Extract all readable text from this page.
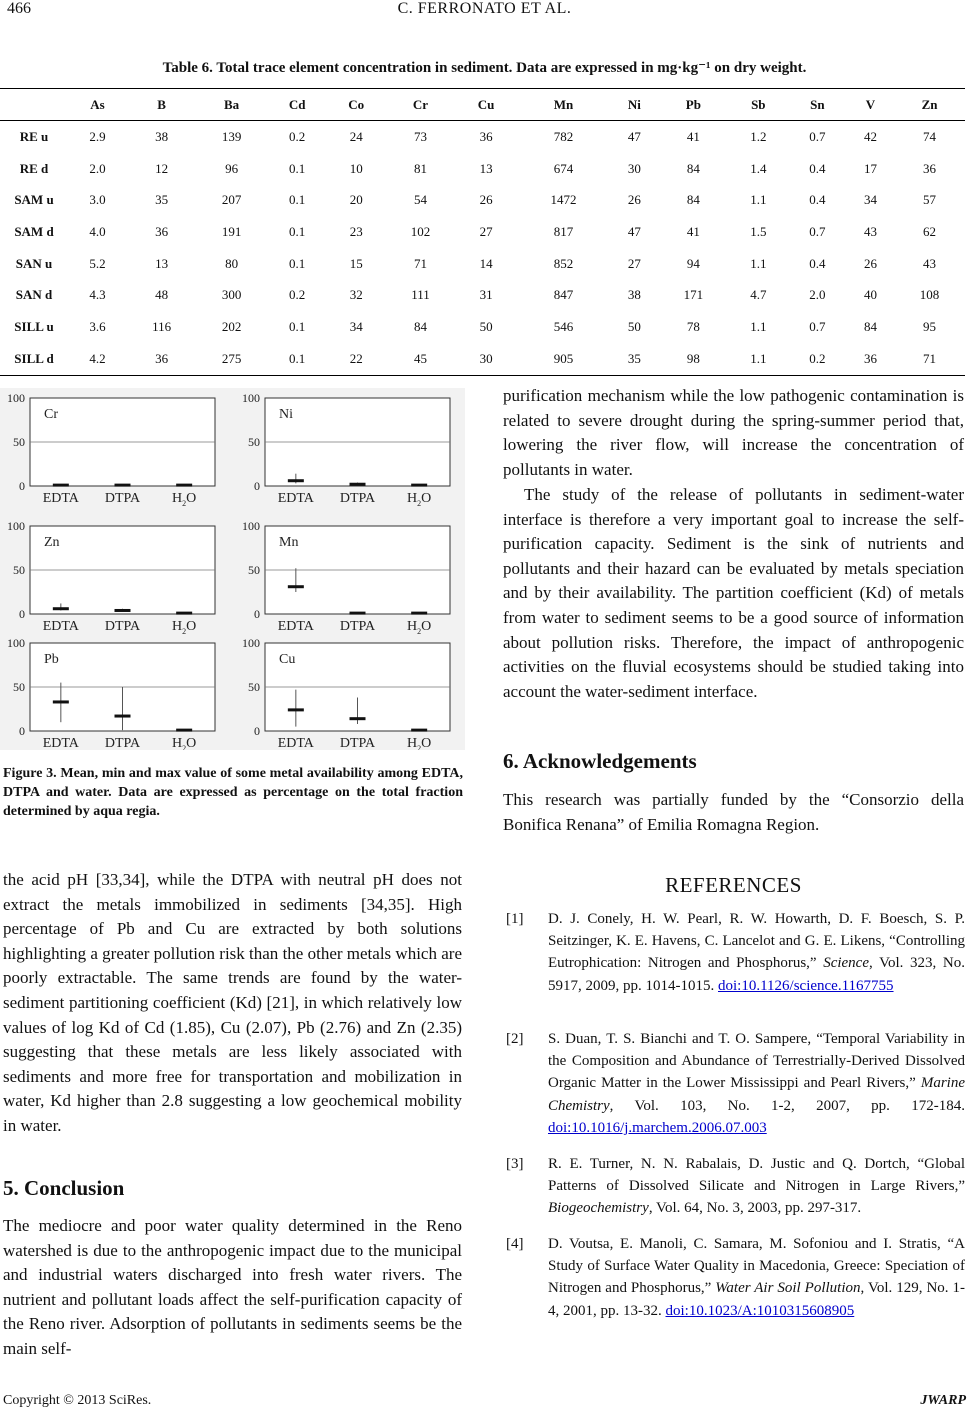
466	C. FERRONATO ET AL.
Table 6. Total trace element concentration in sediment. Data are expressed in mg·kg⁻¹ on dry weight.
	As	B	Ba	Cd	Co	Cr	Cu	Mn	Ni	Pb	Sb	Sn	V	Zn
RE u	2.9	38	139	0.2	24	73	36	782	47	41	1.2	0.7	42	74
RE d	2.0	12	96	0.1	10	81	13	674	30	84	1.4	0.4	17	36
SAM u	3.0	35	207	0.1	20	54	26	1472	26	84	1.1	0.4	34	57
SAM d	4.0	36	191	0.1	23	102	27	817	47	41	1.5	0.7	43	62
SAN u	5.2	13	80	0.1	15	71	14	852	27	94	1.1	0.4	26	43
SAN d	4.3	48	300	0.2	32	111	31	847	38	171	4.7	2.0	40	108
SILL u	3.6	116	202	0.1	34	84	50	546	50	78	1.1	0.7	84	95
SILL d	4.2	36	275	0.1	22	45	30	905	35	98	1.1	0.2	36	71
0
50
100
Cr
EDTA DTPA $H_2O$
0
50
100
Ni
EDTA DTPA $H_2O$
0
50
100
Zn
EDTA DTPA $H_2O$
0
50
100
Mn
EDTA DTPA $H_2O$
0
50
100
Pb
EDTA DTPA $H_2O$
0
50
100
Cu
EDTA DTPA $H_2O$
Figure 3. Mean, min and max value of some metal availability among EDTA, DTPA and water. Data are expressed as percentage on the total fraction determined by aqua regia.
the acid pH [33,34], while the DTPA with neutral pH does not extract the metals immobilized in sediments [34,35]. High percentage of Pb and Cu are extracted by both solutions highlighting a greater pollution risk than the other metals which are poorly extractable. The same trends are found by the water-sediment partitioning coefficient (Kd) [21], in which relatively low values of log Kd of Cd (1.85), Cu (2.07), Pb (2.76) and Zn (2.35) suggesting that these metals are less likely associated with sediments and more free for transportation and mobilization in water, Kd higher than 2.8 suggesting a low geochemical mobility in water.
5. Conclusion
The mediocre and poor water quality determined in the Reno watershed is due to the anthropogenic impact due to the municipal and industrial waters discharged into fresh water rivers. The nutrient and pollutant loads affect the self-purification capacity of the Reno river. Adsorption of pollutants in sediments seems be the main self-
purification mechanism while the low pathogenic contamination is related to severe drought during the spring-summer period that, lowering the river flow, will increase the concentration of pollutants in water.
The study of the release of pollutants in sediment-water interface is therefore a very important goal to increase the self-purification capacity. Sediment is the sink of nutrients and pollutants and their hazard can be evaluated by metals speciation and by their availability. The partition coefficient (Kd) of metals from water to sediment seems to be a good source of information about pollution risks. Therefore, the impact of anthropogenic activities on the fluvial ecosystems should be studied taking into account the water-sediment interface.
6. Acknowledgements
This research was partially funded by the “Consorzio della Bonifica Renana” of Emilia Romagna Region.
REFERENCES
[1] D. J. Conely, H. W. Pearl, R. W. Howarth, D. F. Boesch, S. P. Seitzinger, K. E. Havens, C. Lancelot and G. E. Likens, “Controlling Eutrophication: Nitrogen and Phosphorus,” Science, Vol. 323, No. 5917, 2009, pp. 1014-1015. doi:10.1126/science.1167755
[2] S. Duan, T. S. Bianchi and T. O. Sampere, “Temporal Variability in the Composition and Abundance of Terrestrially-Derived Dissolved Organic Matter in the Lower Mississippi and Pearl Rivers,” Marine Chemistry, Vol. 103, No. 1-2, 2007, pp. 172-184. doi:10.1016/j.marchem.2006.07.003
[3] R. E. Turner, N. N. Rabalais, D. Justic and Q. Dortch, “Global Patterns of Dissolved Silicate and Nitrogen in Large Rivers,” Biogeochemistry, Vol. 64, No. 3, 2003, pp. 297-317.
[4] D. Voutsa, E. Manoli, C. Samara, M. Sofoniou and I. Stratis, “A Study of Surface Water Quality in Macedonia, Greece: Speciation of Nitrogen and Phosphorus,” Water Air Soil Pollution, Vol. 129, No. 1-4, 2001, pp. 13-32. doi:10.1023/A:1010315608905
Copyright © 2013 SciRes.	JWARP
